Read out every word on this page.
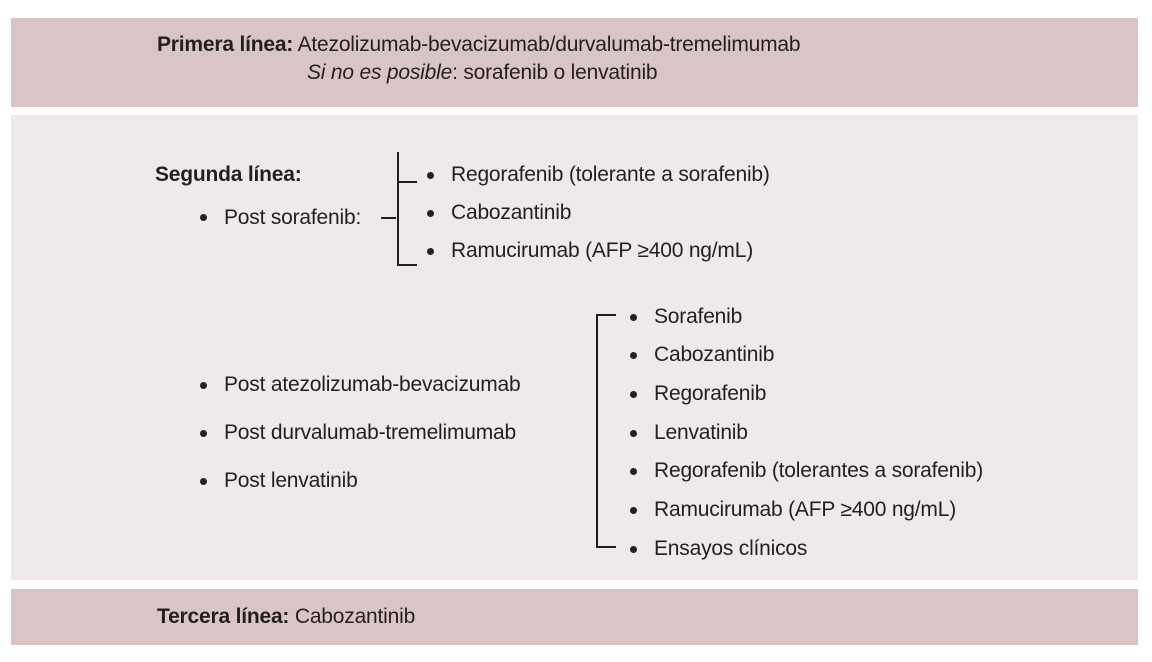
Primera línea: Atezolizumab-bevacizumab/durvalumab-tremelimumab
Si no es posible: sorafenib o lenvatinib
Segunda línea:
Post sorafenib:
Regorafenib (tolerante a sorafenib)
Cabozantinib
Ramucirumab (AFP ≥400 ng/mL)
Post atezolizumab-bevacizumab
Post durvalumab-tremelimumab
Post lenvatinib
Sorafenib
Cabozantinib
Regorafenib
Lenvatinib
Regorafenib (tolerantes a sorafenib)
Ramucirumab (AFP ≥400 ng/mL)
Ensayos clínicos
Tercera línea: Cabozantinib
